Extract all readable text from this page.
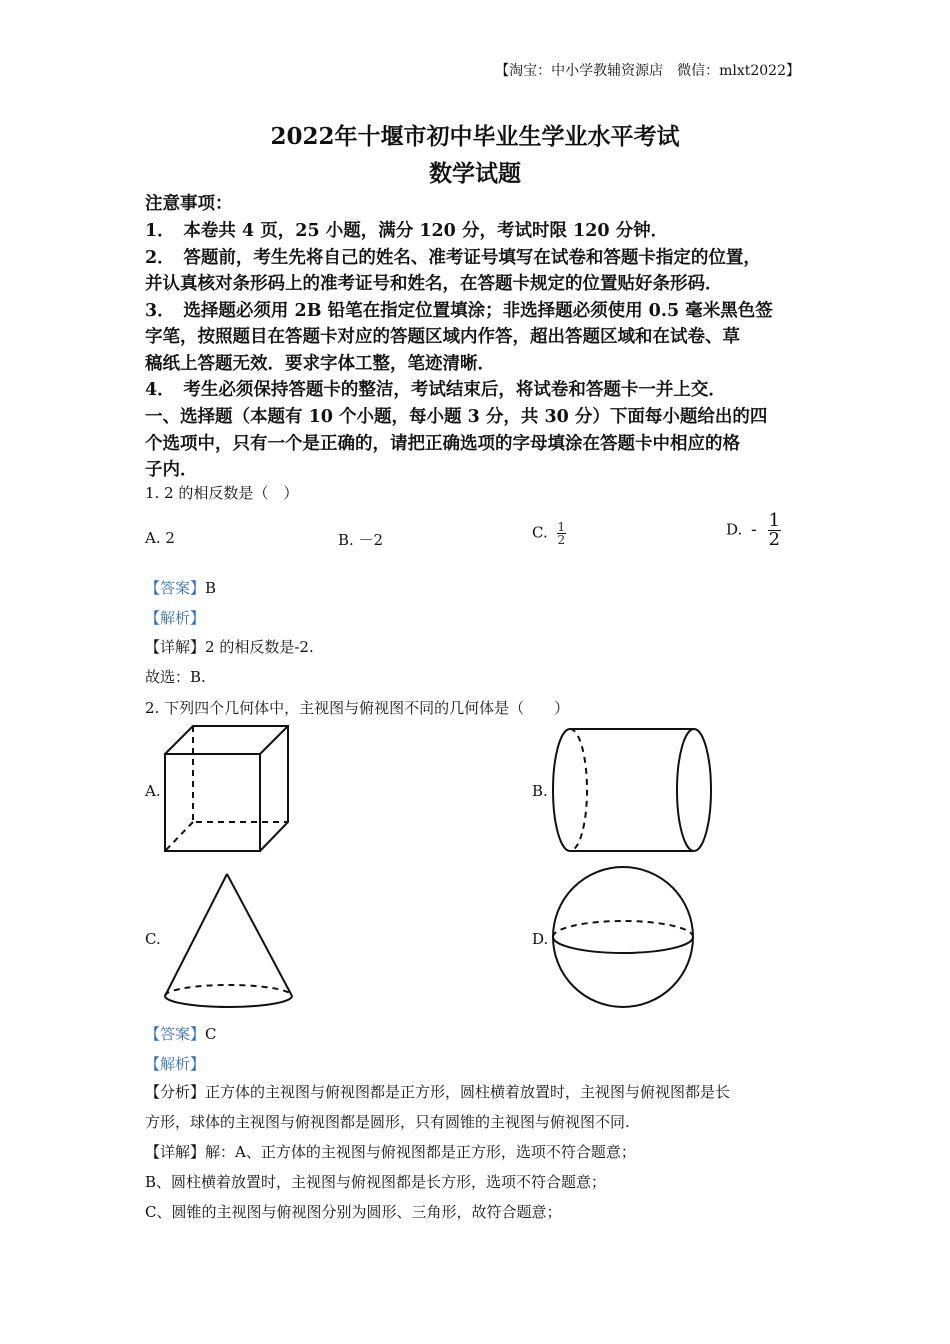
【淘宝：中小学教辅资源店　微信：mlxt2022】
2022年十堰市初中毕业生学业水平考试
数学试题
注意事项：
1．　本卷共 4 页，25 小题，满分 120 分，考试时限 120 分钟．
2．　答题前，考生先将自己的姓名、准考证号填写在试卷和答题卡指定的位置，
并认真核对条形码上的准考证号和姓名，在答题卡规定的位置贴好条形码．
3．　选择题必须用 2B 铅笔在指定位置填涂；非选择题必须使用 0.5 毫米黑色签
字笔，按照题目在答题卡对应的答题区域内作答，超出答题区域和在试卷、草
稿纸上答题无效．要求字体工整，笔迹清晰．
4．　考生必须保持答题卡的整洁，考试结束后，将试卷和答题卡一并上交．
一、选择题（本题有 10 个小题，每小题 3 分，共 30 分）下面每小题给出的四
个选项中，只有一个是正确的，请把正确选项的字母填涂在答题卡中相应的格
子内．
1. 2 的相反数是（　）
A. 2	B. －2	C. $\frac{1}{2}$	D. - $\frac{1}{2}$
【答案】B
【解析】
【详解】2 的相反数是-2.
故选：B.
2. 下列四个几何体中，主视图与俯视图不同的几何体是（　　）
A.	B.
C.	D.
【答案】C
【解析】
【分析】正方体的主视图与俯视图都是正方形，圆柱横着放置时，主视图与俯视图都是长
方形，球体的主视图与俯视图都是圆形，只有圆锥的主视图与俯视图不同.
【详解】解：A、正方体的主视图与俯视图都是正方形，选项不符合题意；
B、圆柱横着放置时，主视图与俯视图都是长方形，选项不符合题意；
C、圆锥的主视图与俯视图分别为圆形、三角形，故符合题意；
